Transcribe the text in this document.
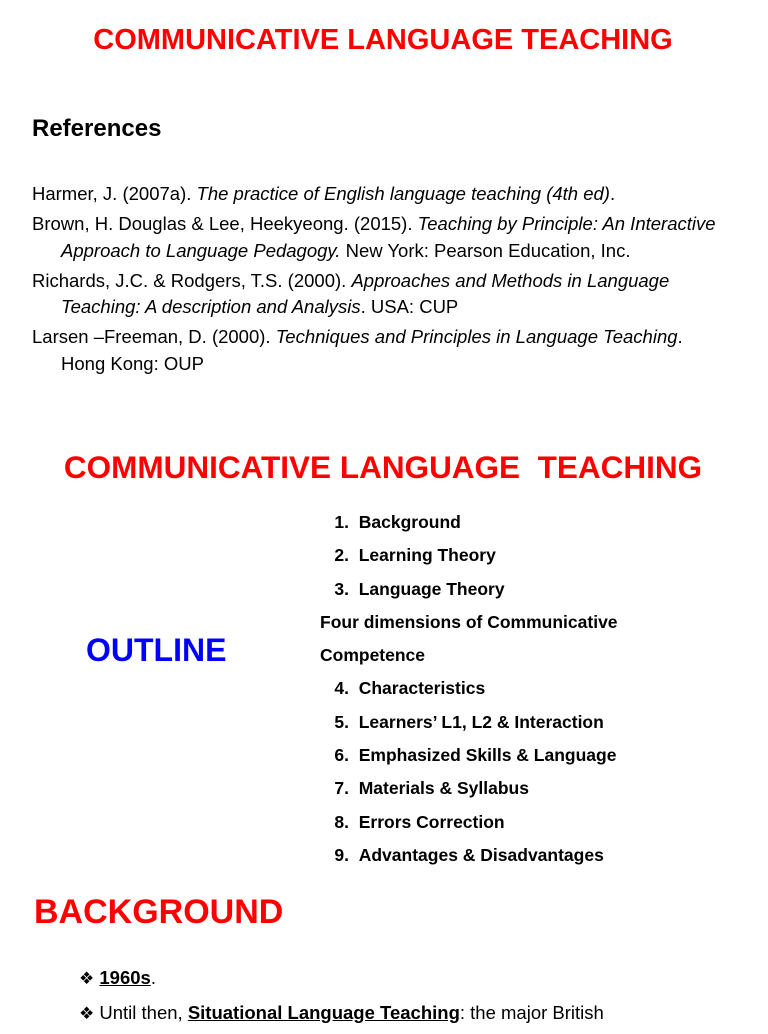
COMMUNICATIVE LANGUAGE TEACHING
References
Harmer, J. (2007a). The practice of English language teaching (4th ed).
Brown, H. Douglas & Lee, Heekyeong. (2015). Teaching by Principle: An Interactive Approach to Language Pedagogy. New York: Pearson Education, Inc.
Richards, J.C. & Rodgers, T.S. (2000). Approaches and Methods in Language Teaching: A description and Analysis. USA: CUP
Larsen –Freeman, D. (2000). Techniques and Principles in Language Teaching. Hong Kong: OUP
COMMUNICATIVE LANGUAGE  TEACHING
OUTLINE
1. Background
2. Learning Theory
3. Language Theory
Four dimensions of Communicative
Competence
4. Characteristics
5. Learners’ L1, L2 & Interaction
6. Emphasized Skills & Language
7. Materials & Syllabus
8. Errors Correction
9. Advantages & Disadvantages
BACKGROUND
❖ 1960s.
❖ Until then, Situational Language Teaching: the major British
